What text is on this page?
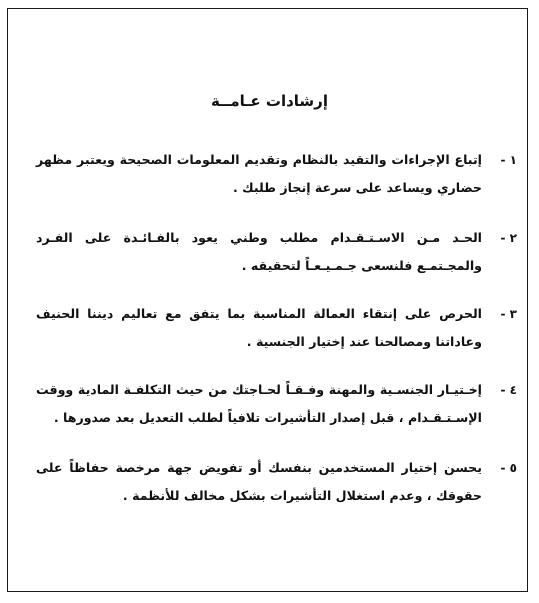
إرشادات عـامــة
١ -
إتباع الإجراءات والتقيد بالنظام وتقديم المعلومات الصحيحة ويعتبر مظهر حضاري ويساعد على سرعة إنجاز طلبك .
٢ -
الحـد مـن الاسـتـقـدام مطلب وطني يعود بالفـائـدة على الفـرد والمجـتمـع فلنسعى جـمـيـعـاً لتحقيقه .
٣ -
الحرص على إنتقاء العمالة المناسبة بما يتفق مع تعاليم ديننا الحنيف وعاداتنا ومصالحنا عند إختيار الجنسية .
٤ -
إخـتيـار الجنسـية والمهنة وفـقـاً لحـاجتك من حيث التكلفـة المادية ووقت الإسـتـقـدام ، قبل إصدار التأشيرات تلافياً لطلب التعديل بعد صدورها .
٥ -
يحسن إختيار المستخدمين بنفسك أو تفويض جهة مرخصة حفاظاً على حقوقك ، وعدم استغلال التأشيرات بشكل مخالف للأنظمة .
